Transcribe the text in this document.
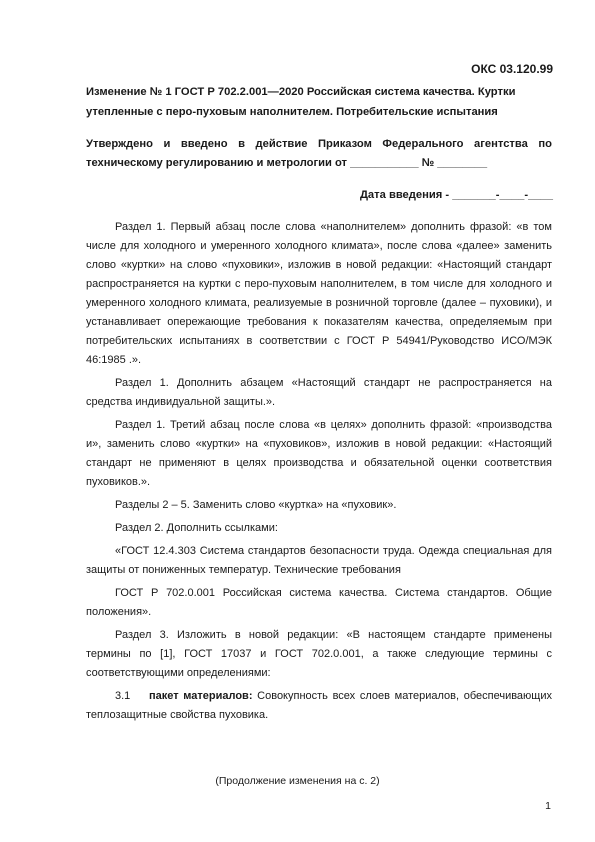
ОКС 03.120.99
Изменение № 1 ГОСТ Р 702.2.001—2020 Российская система качества. Куртки утепленные с перо-пуховым наполнителем. Потребительские испытания
Утверждено и введено в действие Приказом Федерального агентства по техническому регулированию и метрологии от ___________ № ________
Дата введения - _______-____-____

Раздел 1. Первый абзац после слова «наполнителем» дополнить фразой: «в том числе для холодного и умеренного холодного климата», после слова «далее» заменить слово «куртки» на слово «пуховики», изложив в новой редакции: «Настоящий стандарт распространяется на куртки с перо-пуховым наполнителем, в том числе для холодного и умеренного холодного климата, реализуемые в розничной торговле (далее – пуховики), и устанавливает опережающие требования к показателям качества, определяемым при потребительских испытаниях в соответствии с ГОСТ Р 54941/Руководство ИСО/МЭК 46:1985 .».

Раздел 1. Дополнить абзацем «Настоящий стандарт не распространяется на средства индивидуальной защиты.».

Раздел 1. Третий абзац после слова «в целях» дополнить фразой: «производства и», заменить слово «куртки» на «пуховиков», изложив в новой редакции: «Настоящий стандарт не применяют в целях производства и обязательной оценки соответствия пуховиков.».

Разделы 2 – 5. Заменить слово «куртка» на «пуховик».

Раздел 2. Дополнить ссылками:

«ГОСТ 12.4.303 Система стандартов безопасности труда. Одежда специальная для защиты от пониженных температур. Технические требования

ГОСТ Р 702.0.001 Российская система качества. Система стандартов. Общие положения».

Раздел 3. Изложить в новой редакции: «В настоящем стандарте применены термины по [1], ГОСТ 17037 и ГОСТ 702.0.001, а также следующие термины с соответствующими определениями:

3.1 пакет материалов: Совокупность всех слоев материалов, обеспечивающих теплозащитные свойства пуховика.

(Продолжение изменения на с. 2)
1
